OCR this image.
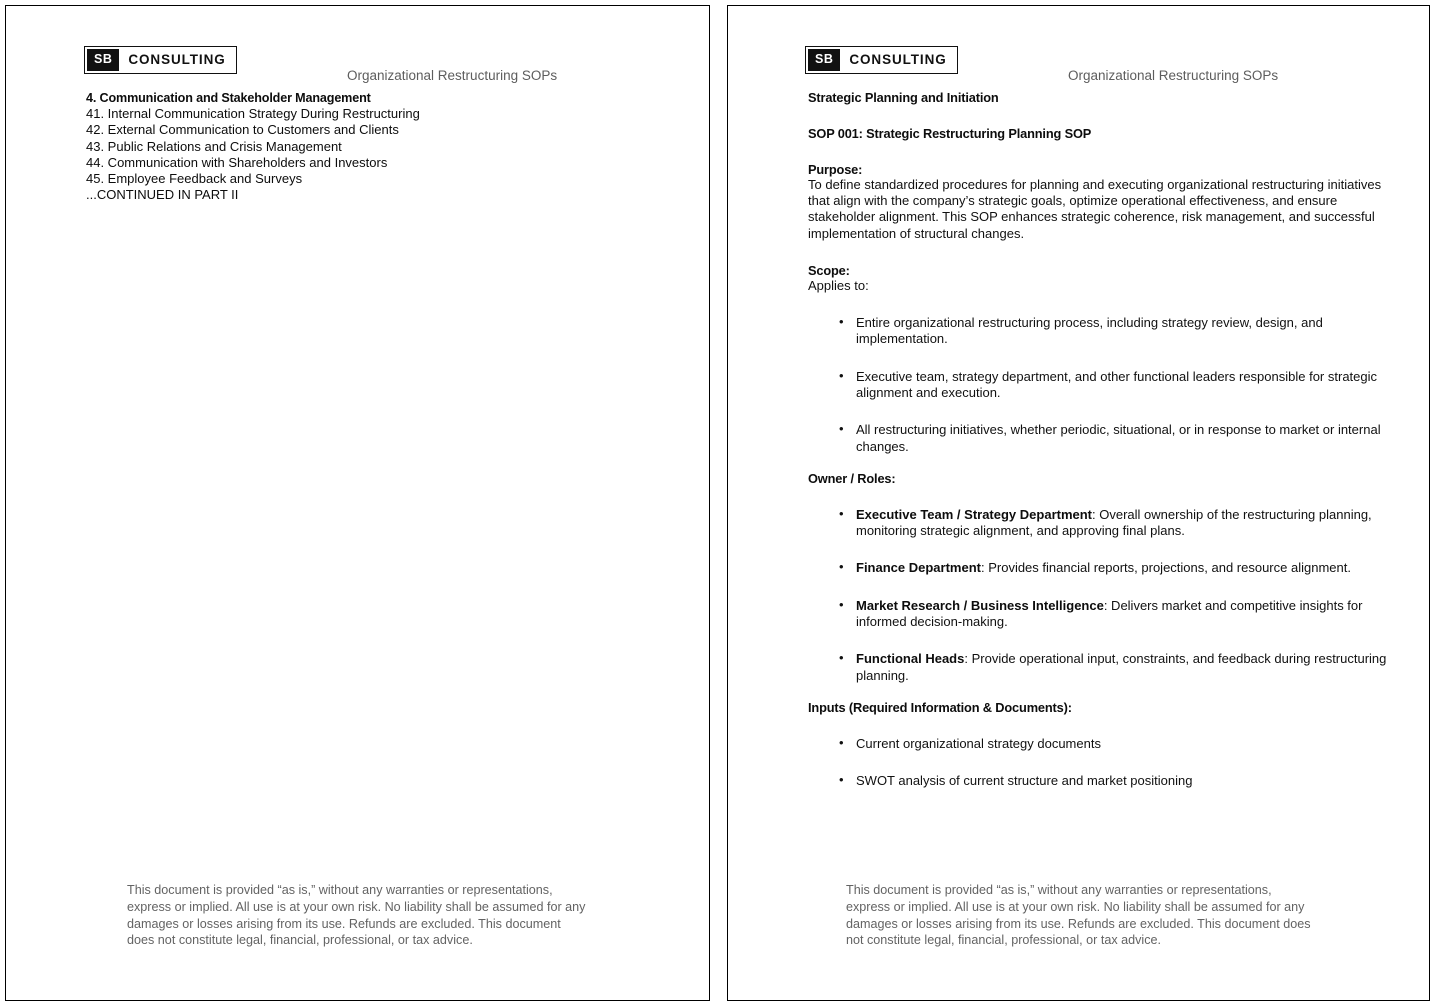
SB CONSULTING
Organizational Restructuring SOPs
4. Communication and Stakeholder Management
41. Internal Communication Strategy During Restructuring
42. External Communication to Customers and Clients
43. Public Relations and Crisis Management
44. Communication with Shareholders and Investors
45. Employee Feedback and Surveys
...CONTINUED IN PART II
This document is provided “as is,” without any warranties or representations, express or implied. All use is at your own risk. No liability shall be assumed for any damages or losses arising from its use. Refunds are excluded. This document does not constitute legal, financial, professional, or tax advice.
SB CONSULTING
Organizational Restructuring SOPs
Strategic Planning and Initiation
SOP 001: Strategic Restructuring Planning SOP
Purpose:
To define standardized procedures for planning and executing organizational restructuring initiatives that align with the company’s strategic goals, optimize operational effectiveness, and ensure stakeholder alignment. This SOP enhances strategic coherence, risk management, and successful implementation of structural changes.
Scope:
Applies to:
• Entire organizational restructuring process, including strategy review, design, and implementation.
• Executive team, strategy department, and other functional leaders responsible for strategic alignment and execution.
• All restructuring initiatives, whether periodic, situational, or in response to market or internal changes.
Owner / Roles:
• Executive Team / Strategy Department: Overall ownership of the restructuring planning, monitoring strategic alignment, and approving final plans.
• Finance Department: Provides financial reports, projections, and resource alignment.
• Market Research / Business Intelligence: Delivers market and competitive insights for informed decision-making.
• Functional Heads: Provide operational input, constraints, and feedback during restructuring planning.
Inputs (Required Information & Documents):
• Current organizational strategy documents
• SWOT analysis of current structure and market positioning
This document is provided “as is,” without any warranties or representations, express or implied. All use is at your own risk. No liability shall be assumed for any damages or losses arising from its use. Refunds are excluded. This document does not constitute legal, financial, professional, or tax advice.
